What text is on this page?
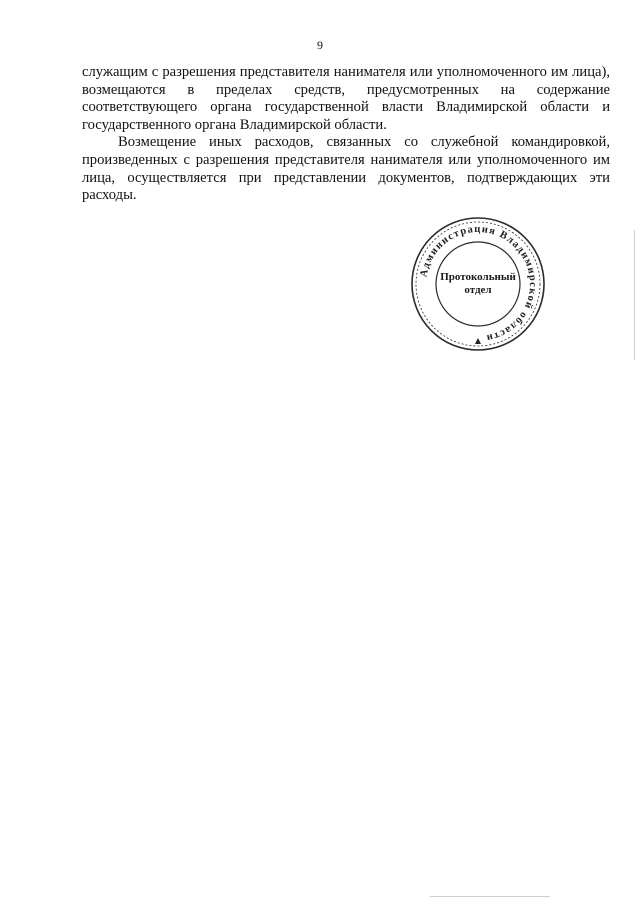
9

служащим с разрешения представителя нанимателя или уполномоченного им лица), возмещаются в пределах средств, предусмотренных на содержание соответствующего органа государственной власти Владимирской области и государственного органа Владимирской области.

Возмещение иных расходов, связанных со служебной командировкой, произведенных с разрешения представителя нанимателя или уполномоченного им лица, осуществляется при представлении документов, подтверждающих эти расходы.

Администрация Владимирской области
Протокольный
отдел
